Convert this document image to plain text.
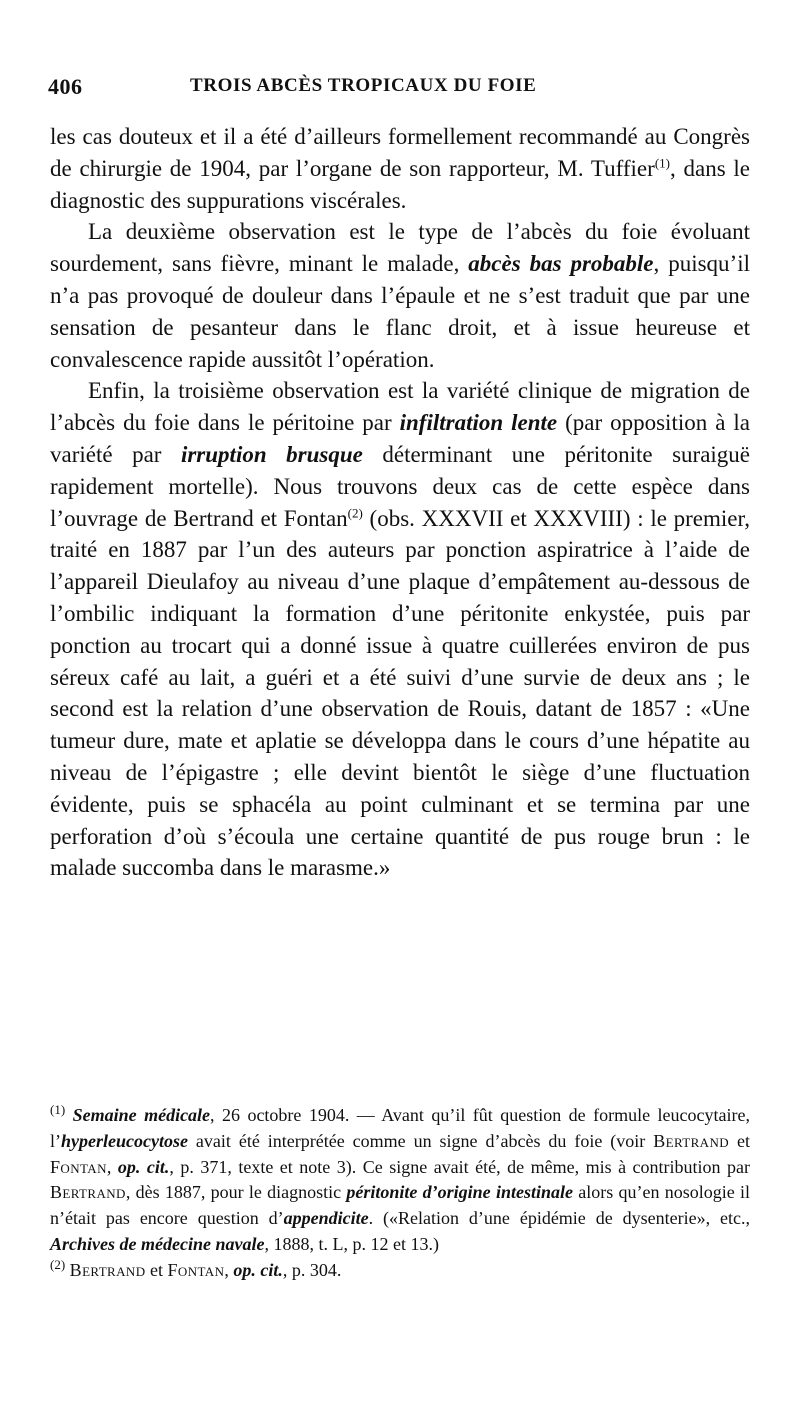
406	TROIS ABCÈS TROPICAUX DU FOIE

les cas douteux et il a été d’ailleurs formellement recommandé au Congrès de chirurgie de 1904, par l’organe de son rapporteur, M. Tuffier$^{(1)}$, dans le diagnostic des suppurations viscérales.

La deuxième observation est le type de l’abcès du foie évoluant sourdement, sans fièvre, minant le malade, abcès bas probable, puisqu’il n’a pas provoqué de douleur dans l’épaule et ne s’est traduit que par une sensation de pesanteur dans le flanc droit, et à issue heureuse et convalescence rapide aussitôt l’opération.

Enfin, la troisième observation est la variété clinique de migration de l’abcès du foie dans le péritoine par infiltration lente (par opposition à la variété par irruption brusque déterminant une péritonite suraiguë rapidement mortelle). Nous trouvons deux cas de cette espèce dans l’ouvrage de Bertrand et Fontan$^{(2)}$ (obs. XXXVII et XXXVIII) : le premier, traité en 1887 par l’un des auteurs par ponction aspiratrice à l’aide de l’appareil Dieulafoy au niveau d’une plaque d’empâtement au-dessous de l’ombilic indiquant la formation d’une péritonite enkystée, puis par ponction au trocart qui a donné issue à quatre cuillerées environ de pus séreux café au lait, a guéri et a été suivi d’une survie de deux ans ; le second est la relation d’une observation de Rouis, datant de 1857 : «Une tumeur dure, mate et aplatie se développa dans le cours d’une hépatite au niveau de l’épigastre ; elle devint bientôt le siège d’une fluctuation évidente, puis se sphacéla au point culminant et se termina par une perforation d’où s’écoula une certaine quantité de pus rouge brun : le malade succomba dans le marasme.»

$^{(1)}$ Semaine médicale, 26 octobre 1904. — Avant qu’il fût question de formule leucocytaire, l’hyperleucocytose avait été interprétée comme un signe d’abcès du foie (voir Bertrand et Fontan, op. cit., p. 371, texte et note 3). Ce signe avait été, de même, mis à contribution par Bertrand, dès 1887, pour le diagnostic péritonite d’origine intestinale alors qu’en nosologie il n’était pas encore question d’appendicite. («Relation d’une épidémie de dysenterie», etc., Archives de médecine navale, 1888, t. L, p. 12 et 13.)

$^{(2)}$ Bertrand et Fontan, op. cit., p. 304.
